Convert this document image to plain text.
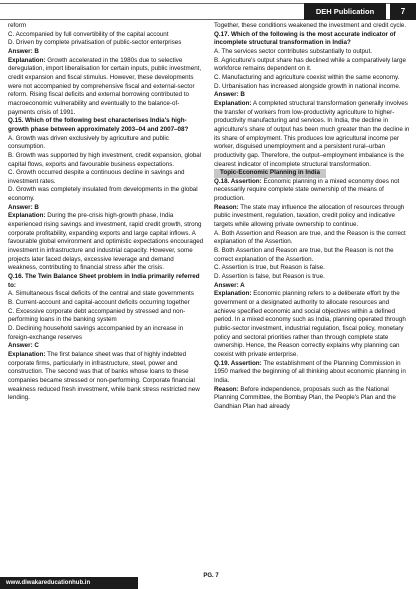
DEH Publication	7

reform

C. Accompanied by full convertibility of the capital account

D. Driven by complete privatisation of public-sector enterprises

Answer: B

Explanation: Growth accelerated in the 1980s due to selective deregulation, import liberalisation for certain inputs, public investment, credit expansion and fiscal stimulus. However, these developments were not accompanied by comprehensive fiscal and external-sector reform. Rising fiscal deficits and external borrowing contributed to macroeconomic vulnerability and eventually to the balance-of-payments crisis of 1991.

Q.15. Which of the following best characterises India's high-growth phase between approximately 2003–04 and 2007–08?

A. Growth was driven exclusively by agriculture and public consumption.

B. Growth was supported by high investment, credit expansion, global capital flows, exports and favourable business expectations.

C. Growth occurred despite a continuous decline in savings and investment rates.

D. Growth was completely insulated from developments in the global economy.

Answer: B

Explanation: During the pre-crisis high-growth phase, India experienced rising savings and investment, rapid credit growth, strong corporate profitability, expanding exports and large capital inflows. A favourable global environment and optimistic expectations encouraged investment in infrastructure and industrial capacity. However, some projects later faced delays, excessive leverage and demand weakness, contributing to financial stress after the crisis.

Q.16. The Twin Balance Sheet problem in India primarily referred to:

A. Simultaneous fiscal deficits of the central and state governments

B. Current-account and capital-account deficits occurring together

C. Excessive corporate debt accompanied by stressed and non-performing loans in the banking system

D. Declining household savings accompanied by an increase in foreign-exchange reserves

Answer: C

Explanation: The first balance sheet was that of highly indebted corporate firms, particularly in infrastructure, steel, power and construction. The second was that of banks whose loans to these companies became stressed or non-performing. Corporate financial weakness reduced fresh investment, while bank stress restricted new lending.

Together, these conditions weakened the investment and credit cycle.

Q.17. Which of the following is the most accurate indicator of incomplete structural transformation in India?

A. The services sector contributes substantially to output.

B. Agriculture's output share has declined while a comparatively large workforce remains dependent on it.

C. Manufacturing and agriculture coexist within the same economy.

D. Urbanisation has increased alongside growth in national income.

Answer: B

Explanation: A completed structural transformation generally involves the transfer of workers from low-productivity agriculture to higher-productivity manufacturing and services. In India, the decline in agriculture's share of output has been much greater than the decline in its share of employment. This produces low agricultural income per worker, disguised unemployment and a persistent rural–urban productivity gap. Therefore, the output–employment imbalance is the clearest indicator of incomplete structural transformation.

Topic-Economic Planning in India

Q.18. Assertion: Economic planning in a mixed economy does not necessarily require complete state ownership of the means of production.

Reason: The state may influence the allocation of resources through public investment, regulation, taxation, credit policy and indicative targets while allowing private ownership to continue.

A. Both Assertion and Reason are true, and the Reason is the correct explanation of the Assertion.

B. Both Assertion and Reason are true, but the Reason is not the correct explanation of the Assertion.

C. Assertion is true, but Reason is false.

D. Assertion is false, but Reason is true.

Answer: A

Explanation: Economic planning refers to a deliberate effort by the government or a designated authority to allocate resources and achieve specified economic and social objectives within a defined period. In a mixed economy such as India, planning operated through public-sector investment, industrial regulation, fiscal policy, monetary policy and sectoral priorities rather than through complete state ownership. Hence, the Reason correctly explains why planning can coexist with private enterprise.

Q.19. Assertion: The establishment of the Planning Commission in 1950 marked the beginning of all thinking about economic planning in India.

Reason: Before independence, proposals such as the National Planning Committee, the Bombay Plan, the People's Plan and the Gandhian Plan had already

PG. 7
www.diwakareducationhub.in
